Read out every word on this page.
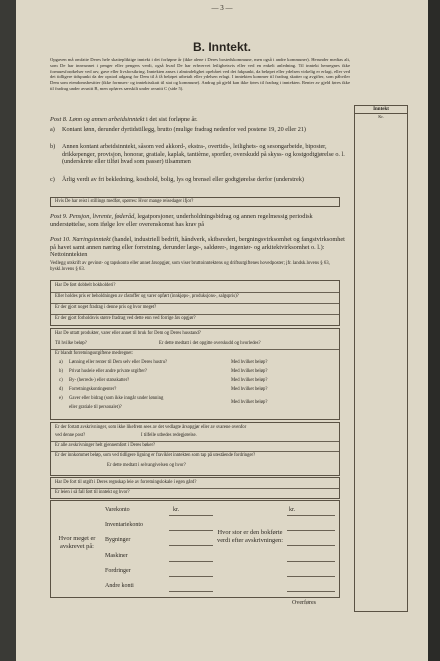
— 3 —
B. Inntekt.
Opgaven må omfatte Deres hele skattepliktige inntekt i det forløpne år (ikke alene i Deres bostedskommune, men også i andre kommuner). Herunder medtas alt, som De har innvunnet i penger eller pengers verdi, også hvad De har erhvervet leilighetsvis eller ved en enkelt anledning. Til inntekt henregnes ikke formuesforøkelser ved arv, gave eller livsforsikring. Inntekten anses i almindelighet opebåret ved det fakpunkt, da beløpet eller ydelsen virkelig er erlagt, eller ved det tidligere tidspunkt da der opstod adgang for Dem til å få beløpet utbetalt eller ydelsen erlagt. I inntekten kommer til fradrag skatter og avgifter, som påhviler Dem som eiendomsbesitter (ikke formues- og inntektsskatt til stat og kommune). Andrag på gjeld kan ikke føres til fradrag i inntekten. Renter av gjeld føres ikke til fradrag under avsnitt B, men opføres særskilt under avsnitt C (side 5).
Inntekt
Kr.
Post 8. Lønn og annen arbeidsinntekt i det sist forløpne år.
a) Kontant lønn, derunder dyrtidstillegg, brutto (mulige fradrag nedenfor ved postene 19, 20 eller 21)
b) Annen kontant arbeidsinntekt, såsom ved akkord-, ekstra-, overtids-, leilighets- og sesongarbeide, biposter, drikkepenger, provisjon, honorar, gratiale, kaplak, tantième, sportler, overskudd på skyss- og kostgodtgjørelse o. l. (underskrete eller tilføi hvad som passer) tilsammen
c) Årlig verdi av fri bekledning, kosthold, bolig, lys og brensel eller godtgjørelse derfor (understrek)
Hvis De har reist i stillings medfør, spørres: Hvor mange reisedager ifjor?
Post 9. Pensjon, livrente, føderåd, legatporsjoner, underholdningsbidrag og annen regelmessig periodisk understøttelse, som ifølge lov eller overenskomst has krav på
Post 10. Næringsinntekt (handel, industriell bedrift, håndverk, skibsrederi, bergningsvirksomhet og fangstvirksomhet på havet samt annen næring eller forretning, derunder læge-, saldører-, ingeniør- og arkitektvirksomhet o. l.): Nettoinntekten
Vedlegg utskrift av gevinst- og tapskonto eller annet årsopgjør, som viser bruttoinntektens og driftsutgiftenes hovedposter; jfr. landsk.lovens § 63, byskl.lovens § 63.
Har De ført dobbelt bokholderi?
Eller holdes pris er beholdningen av råstoffer og varer opført (innkjøps-, produksjons-, salgspris)?
Er der gjort noget fradrag i denne pris og hvor meget?
Er der gjort forholdsvis større fradrag ved dette enn ved forrige års opgjør?
Har De uttatt produkter, varer eller annet til bruk for Dem og Deres husstand?
Til hvilke beløp?	Er dette medtatt i det opgitte overskudd og hvorledes?
Er blandt forretningsutgiftene medregnet:
a) Lønning eller renter til Dem selv eller Deres hustru?	Med hvilket beløp?
b) Privat husleie eller andre private utgifter?	Med hvilket beløp?
c) By- (herreds-) eller statsskatter?	Med hvilket beløp?
d) Forretningskontingenter?	Med hvilket beløp?
e) Gaver eller bidrag (som ikke inngår under lønning
Med hvilket beløp?
eller gratiale til personalet)?
Er der fortatt avskrivninger, som ikke likefrem sees av det vedlagte årsopgjør eller av svarene ovenfor
ved denne post?	I tilfelle utbedes redegjørelse.
Er alle avskrivninger helt gjennemført i Deres bøker?
Er der innkommet beløp, som ved tidligere ligning er fraviklet inntekten som tap på utestående fordringer?
Er dette medtatt i selvangivelsen og hvor?
Har De fort til utgift i Deres regnskap leie av forretningslokale i egen gård?
Er leien i så fall ført til inntekt og hvor?
Hvor meget er avskrevet på:
Hvor stor er den bokførte verdi efter avskrivningen:
Varekonto
Inventariekonto
Bygninger
Maskiner
Fordringer
Andre konti
kr.	kr.
Overføres
